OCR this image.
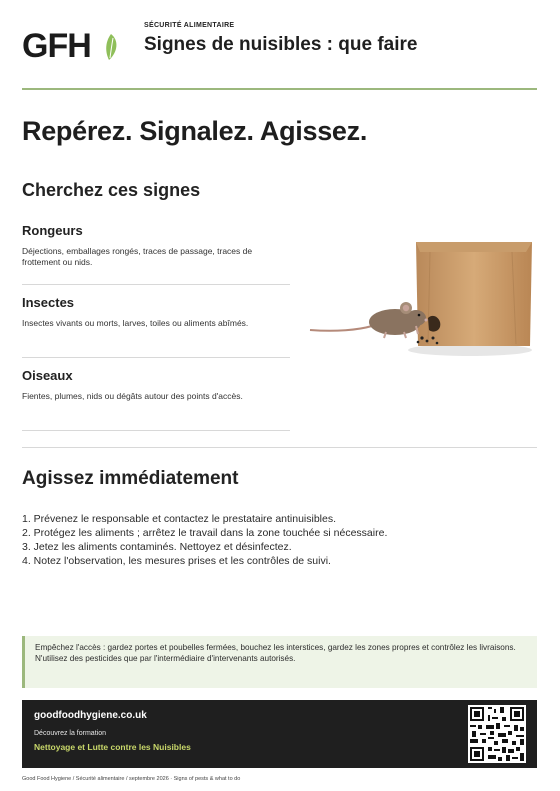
GFH
SÉCURITÉ ALIMENTAIRE
Signes de nuisibles : que faire
Repérez. Signalez. Agissez.
Cherchez ces signes

Rongeurs

Déjections, emballages rongés, traces de passage, traces de frottement ou nids.

Insectes

Insectes vivants ou morts, larves, toiles ou aliments abîmés.

Oiseaux

Fientes, plumes, nids ou dégâts autour des points d'accès.

Agissez immédiatement
1. Prévenez le responsable et contactez le prestataire antinuisibles.
2. Protégez les aliments ; arrêtez le travail dans la zone touchée si nécessaire.
3. Jetez les aliments contaminés. Nettoyez et désinfectez.
4. Notez l'observation, les mesures prises et les contrôles de suivi.

Empêchez l'accès : gardez portes et poubelles fermées, bouchez les interstices, gardez les zones propres et contrôlez les livraisons.

N'utilisez des pesticides que par l'intermédiaire d'intervenants autorisés.

goodfoodhygiene.co.uk
Découvrez la formation
Nettoyage et Lutte contre les Nuisibles
Good Food Hygiene / Sécurité alimentaire / septembre 2026 · Signs of pests & what to do
